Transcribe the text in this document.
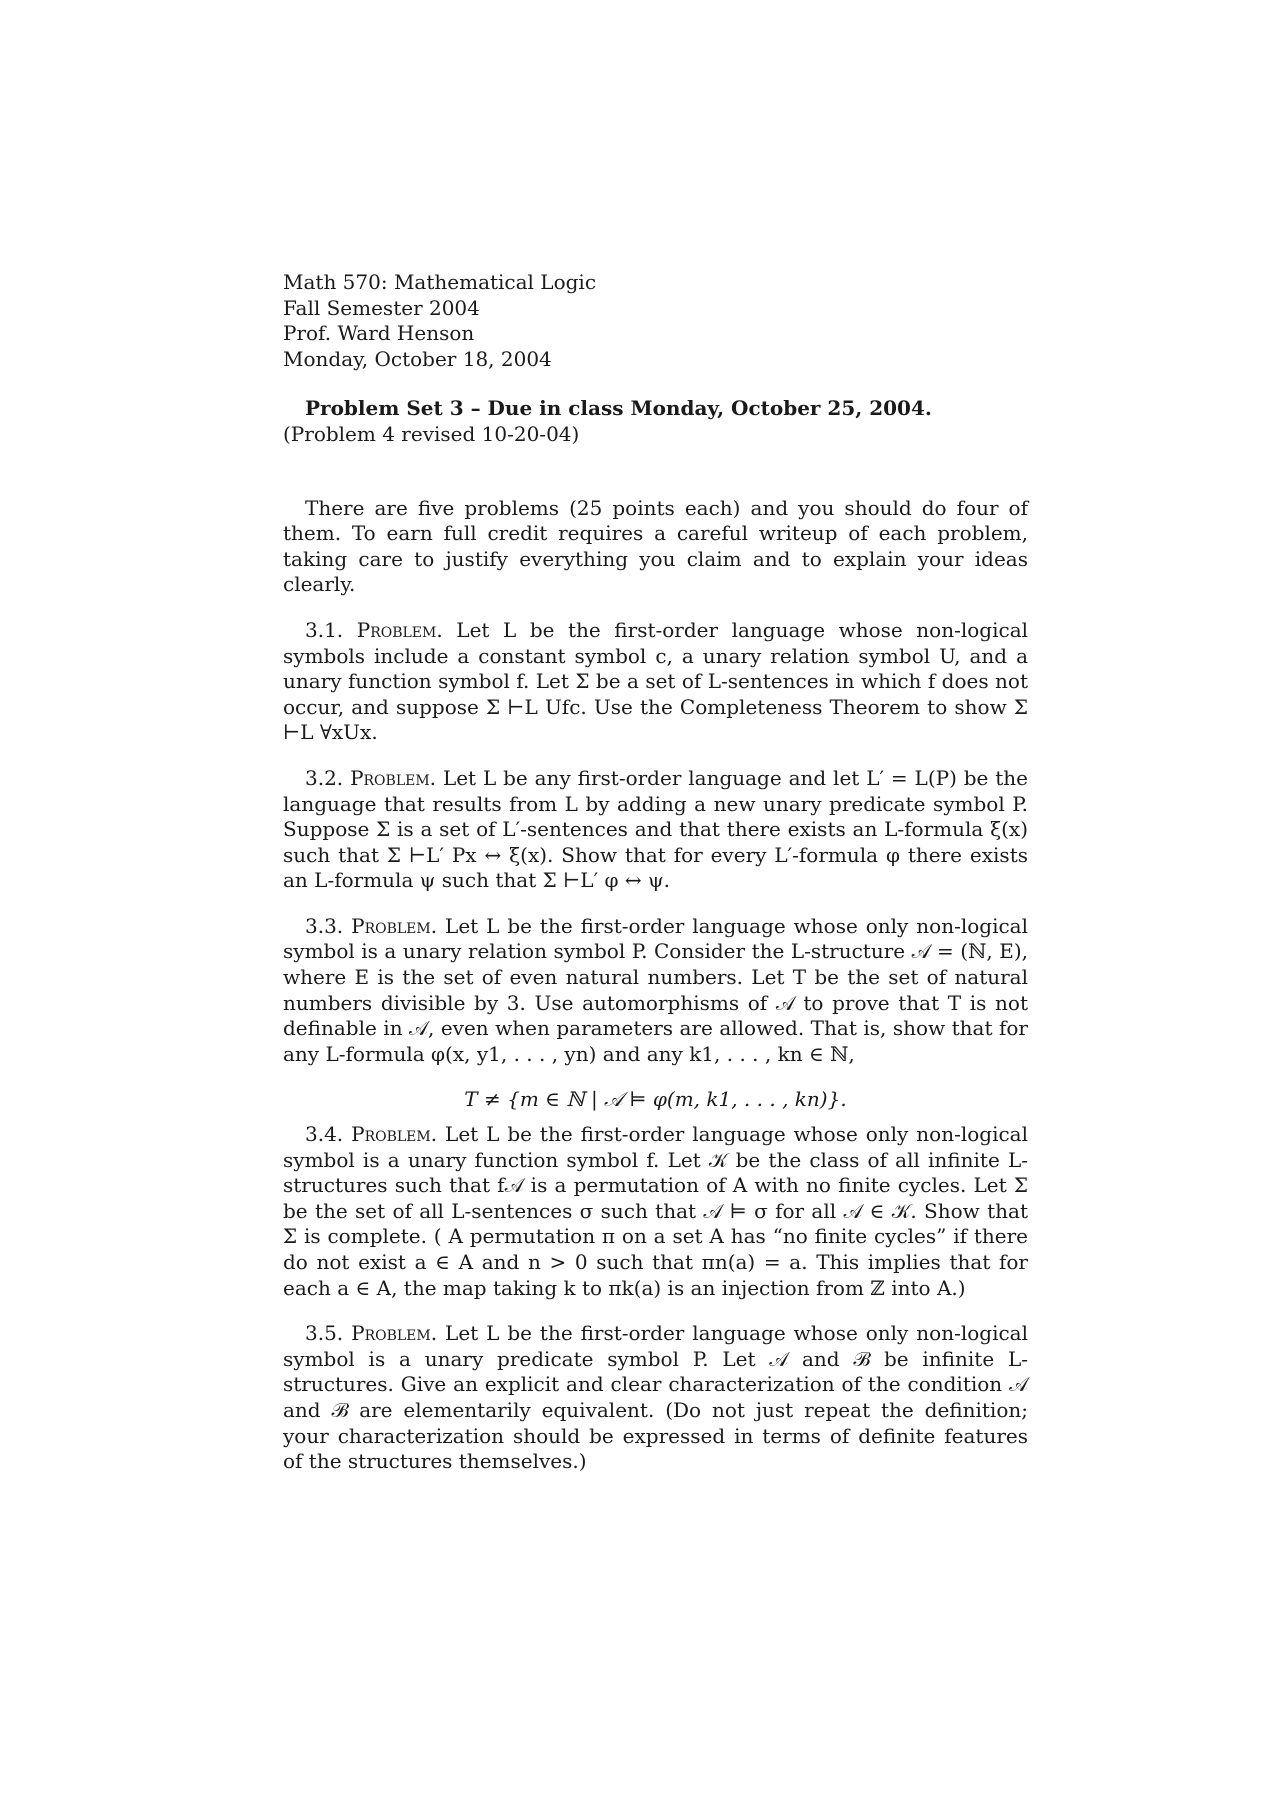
Math 570: Mathematical Logic
Fall Semester 2004
Prof. Ward Henson
Monday, October 18, 2004
Problem Set 3 – Due in class Monday, October 25, 2004.
(Problem 4 revised 10-20-04)

There are five problems (25 points each) and you should do four of them. To earn full credit requires a careful writeup of each problem, taking care to justify everything you claim and to explain your ideas clearly.

3.1. Problem. Let L be the first-order language whose non-logical symbols include a constant symbol c, a unary relation symbol U, and a unary function symbol f. Let Σ be a set of L-sentences in which f does not occur, and suppose Σ ⊢L Ufc. Use the Completeness Theorem to show Σ ⊢L ∀xUx.

3.2. Problem. Let L be any first-order language and let L′ = L(P) be the language that results from L by adding a new unary predicate symbol P. Suppose Σ is a set of L′-sentences and that there exists an L-formula ξ(x) such that Σ ⊢L′ Px ↔ ξ(x). Show that for every L′-formula φ there exists an L-formula ψ such that Σ ⊢L′ φ ↔ ψ.

3.3. Problem. Let L be the first-order language whose only non-logical symbol is a unary relation symbol P. Consider the L-structure 𝒜 = (ℕ, E), where E is the set of even natural numbers. Let T be the set of natural numbers divisible by 3. Use automorphisms of 𝒜 to prove that T is not definable in 𝒜, even when parameters are allowed. That is, show that for any L-formula φ(x, y1, . . . , yn) and any k1, . . . , kn ∈ ℕ,

T ≠ {m ∈ ℕ | 𝒜 ⊨ φ(m, k1, . . . , kn)}.

3.4. Problem. Let L be the first-order language whose only non-logical symbol is a unary function symbol f. Let 𝒦 be the class of all infinite L-structures such that f𝒜 is a permutation of A with no finite cycles. Let Σ be the set of all L-sentences σ such that 𝒜 ⊨ σ for all 𝒜 ∈ 𝒦. Show that Σ is complete. ( A permutation π on a set A has “no finite cycles” if there do not exist a ∈ A and n > 0 such that πn(a) = a. This implies that for each a ∈ A, the map taking k to πk(a) is an injection from ℤ into A.)

3.5. Problem. Let L be the first-order language whose only non-logical symbol is a unary predicate symbol P. Let 𝒜 and ℬ be infinite L-structures. Give an explicit and clear characterization of the condition 𝒜 and ℬ are elementarily equivalent. (Do not just repeat the definition; your characterization should be expressed in terms of definite features of the structures themselves.)
